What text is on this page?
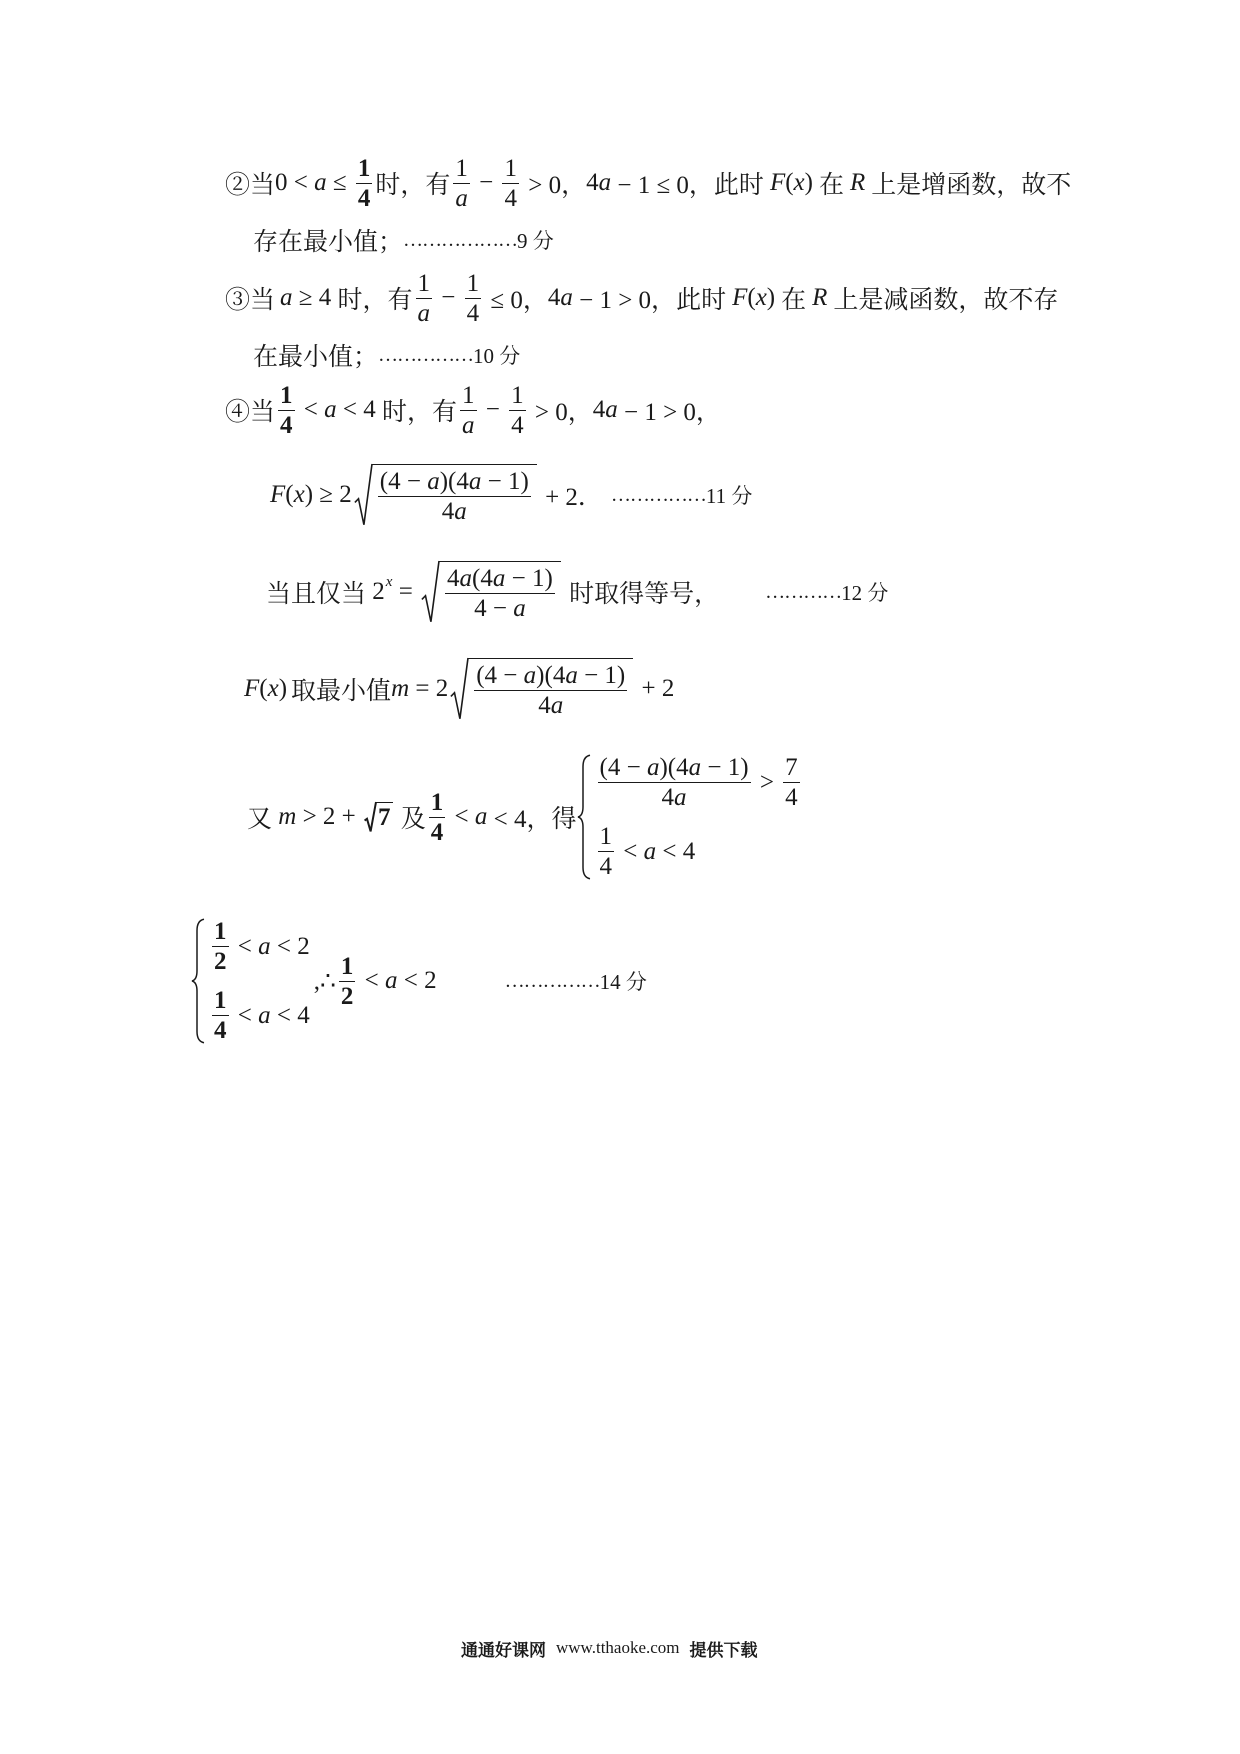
②当 $0 < a \le \frac{1}{4}$ 时，有 $\frac{1}{a} - \frac{1}{4} > 0$， 4 a − 1 ≤ 0， 此时 F ( x ) 在 R 上是增函数，故不
存在最小值； ……………… 9 分
③当 a ≥ 4 时，有 $\frac{1}{a} - \frac{1}{4} \le 0$， 4 a − 1 > 0， 此时 F ( x ) 在 R 上是减函数，故不存
在最小值； …………… 10 分
④当 $\frac{1}{4} < a < 4$ 时，有 $\frac{1}{a} - \frac{1}{4} > 0$， 4 a − 1 > 0，
F ( x ) ≥ $2 \frac{(4 - a)(4a - 1)}{4a} + 2$． …………… 11 分
当且仅当 2 $x = \frac{4a(4a - 1)}{4 - a}$ 时取得等号， ………… 12 分
F ( x ) 取最小值 $m = 2 \frac{(4 - a)(4a - 1)}{4a} + 2$
又 m > 2 + 7 及 $\frac{1}{4} < a < 4$， 得
$\frac{(4 - a)(4a - 1)}{4a} > \frac{7}{4}$
$\frac{1}{4} < a < 4$
$\frac{1}{2} < a < 2$
$\frac{1}{4} < a < 4$
,∴ $\frac{1}{2} < a < 2$	…………… 14 分
通通好课网 www.tthaoke.com 提供下载
